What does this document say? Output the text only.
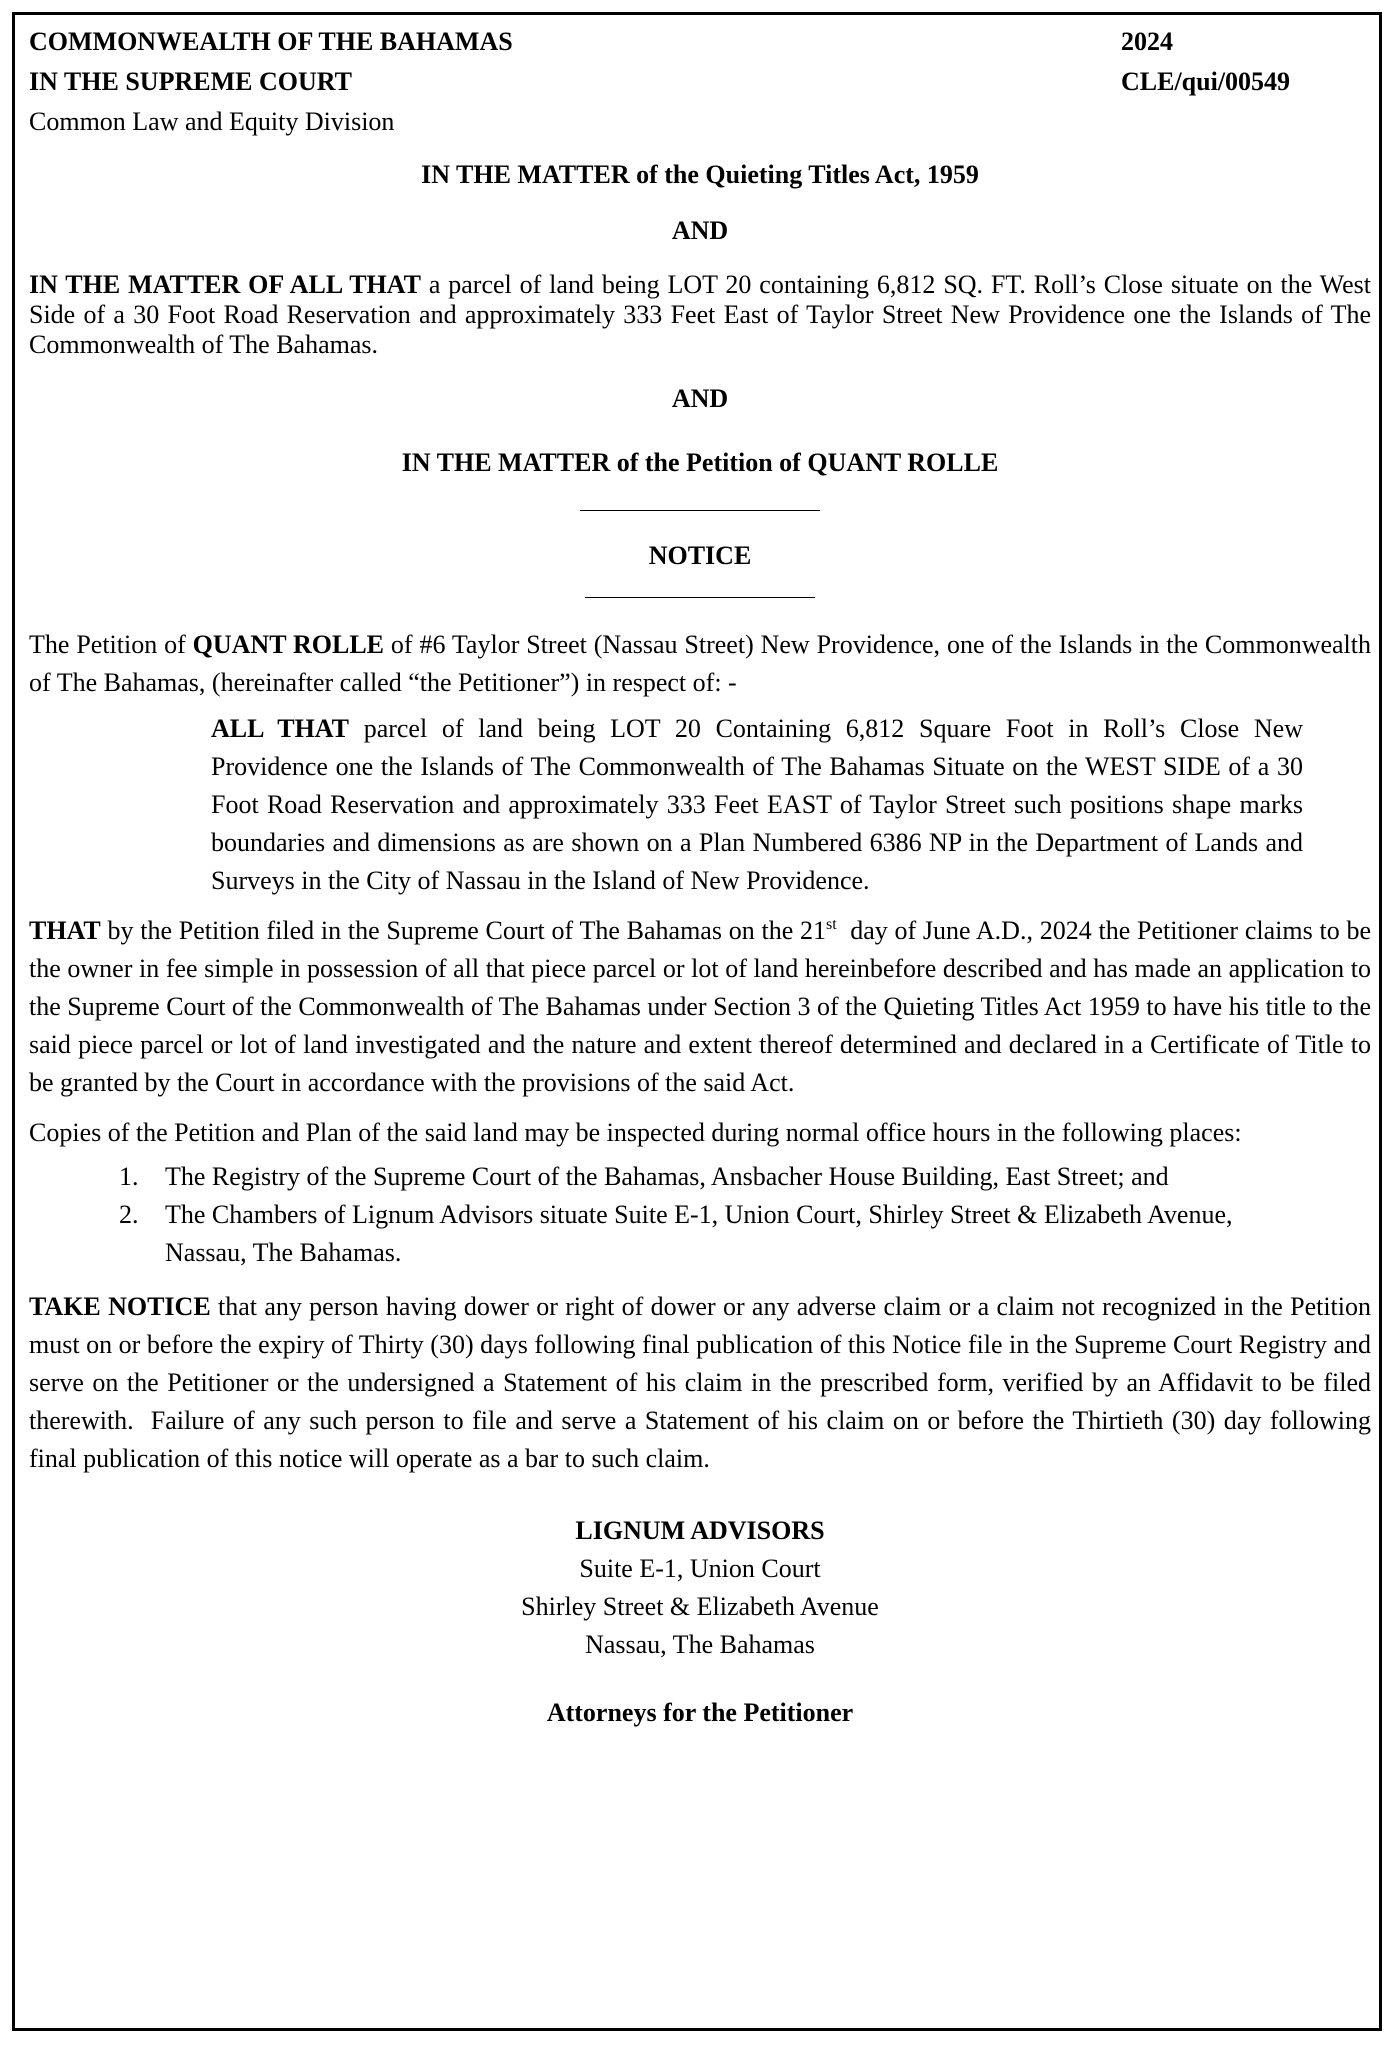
COMMONWEALTH OF THE BAHAMAS	2024
IN THE SUPREME COURT	CLE/qui/00549
Common Law and Equity Division
IN THE MATTER of the Quieting Titles Act, 1959
AND
IN THE MATTER OF ALL THAT a parcel of land being LOT 20 containing 6,812 SQ. FT. Roll’s Close situate on the West Side of a 30 Foot Road Reservation and approximately 333 Feet East of Taylor Street New Providence one the Islands of The Commonwealth of The Bahamas.
AND
IN THE MATTER of the Petition of QUANT ROLLE
NOTICE
The Petition of QUANT ROLLE of #6 Taylor Street (Nassau Street) New Providence, one of the Islands in the Commonwealth of The Bahamas, (hereinafter called “the Petitioner”) in respect of: -
ALL THAT parcel of land being LOT 20 Containing 6,812 Square Foot in Roll’s Close New Providence one the Islands of The Commonwealth of The Bahamas Situate on the WEST SIDE of a 30 Foot Road Reservation and approximately 333 Feet EAST of Taylor Street such positions shape marks boundaries and dimensions as are shown on a Plan Numbered 6386 NP in the Department of Lands and Surveys in the City of Nassau in the Island of New Providence.
THAT by the Petition filed in the Supreme Court of The Bahamas on the 21st  day of June A.D., 2024 the Petitioner claims to be the owner in fee simple in possession of all that piece parcel or lot of land hereinbefore described and has made an application to the Supreme Court of the Commonwealth of The Bahamas under Section 3 of the Quieting Titles Act 1959 to have his title to the said piece parcel or lot of land investigated and the nature and extent thereof determined and declared in a Certificate of Title to be granted by the Court in accordance with the provisions of the said Act.
Copies of the Petition and Plan of the said land may be inspected during normal office hours in the following places:
1.	The Registry of the Supreme Court of the Bahamas, Ansbacher House Building, East Street; and
2.	The Chambers of Lignum Advisors situate Suite E-1, Union Court, Shirley Street & Elizabeth Avenue, Nassau, The Bahamas.
TAKE NOTICE that any person having dower or right of dower or any adverse claim or a claim not recognized in the Petition must on or before the expiry of Thirty (30) days following final publication of this Notice file in the Supreme Court Registry and serve on the Petitioner or the undersigned a Statement of his claim in the prescribed form, verified by an Affidavit to be filed therewith.  Failure of any such person to file and serve a Statement of his claim on or before the Thirtieth (30) day following final publication of this notice will operate as a bar to such claim.
LIGNUM ADVISORS
Suite E-1, Union Court
Shirley Street & Elizabeth Avenue
Nassau, The Bahamas
Attorneys for the Petitioner
